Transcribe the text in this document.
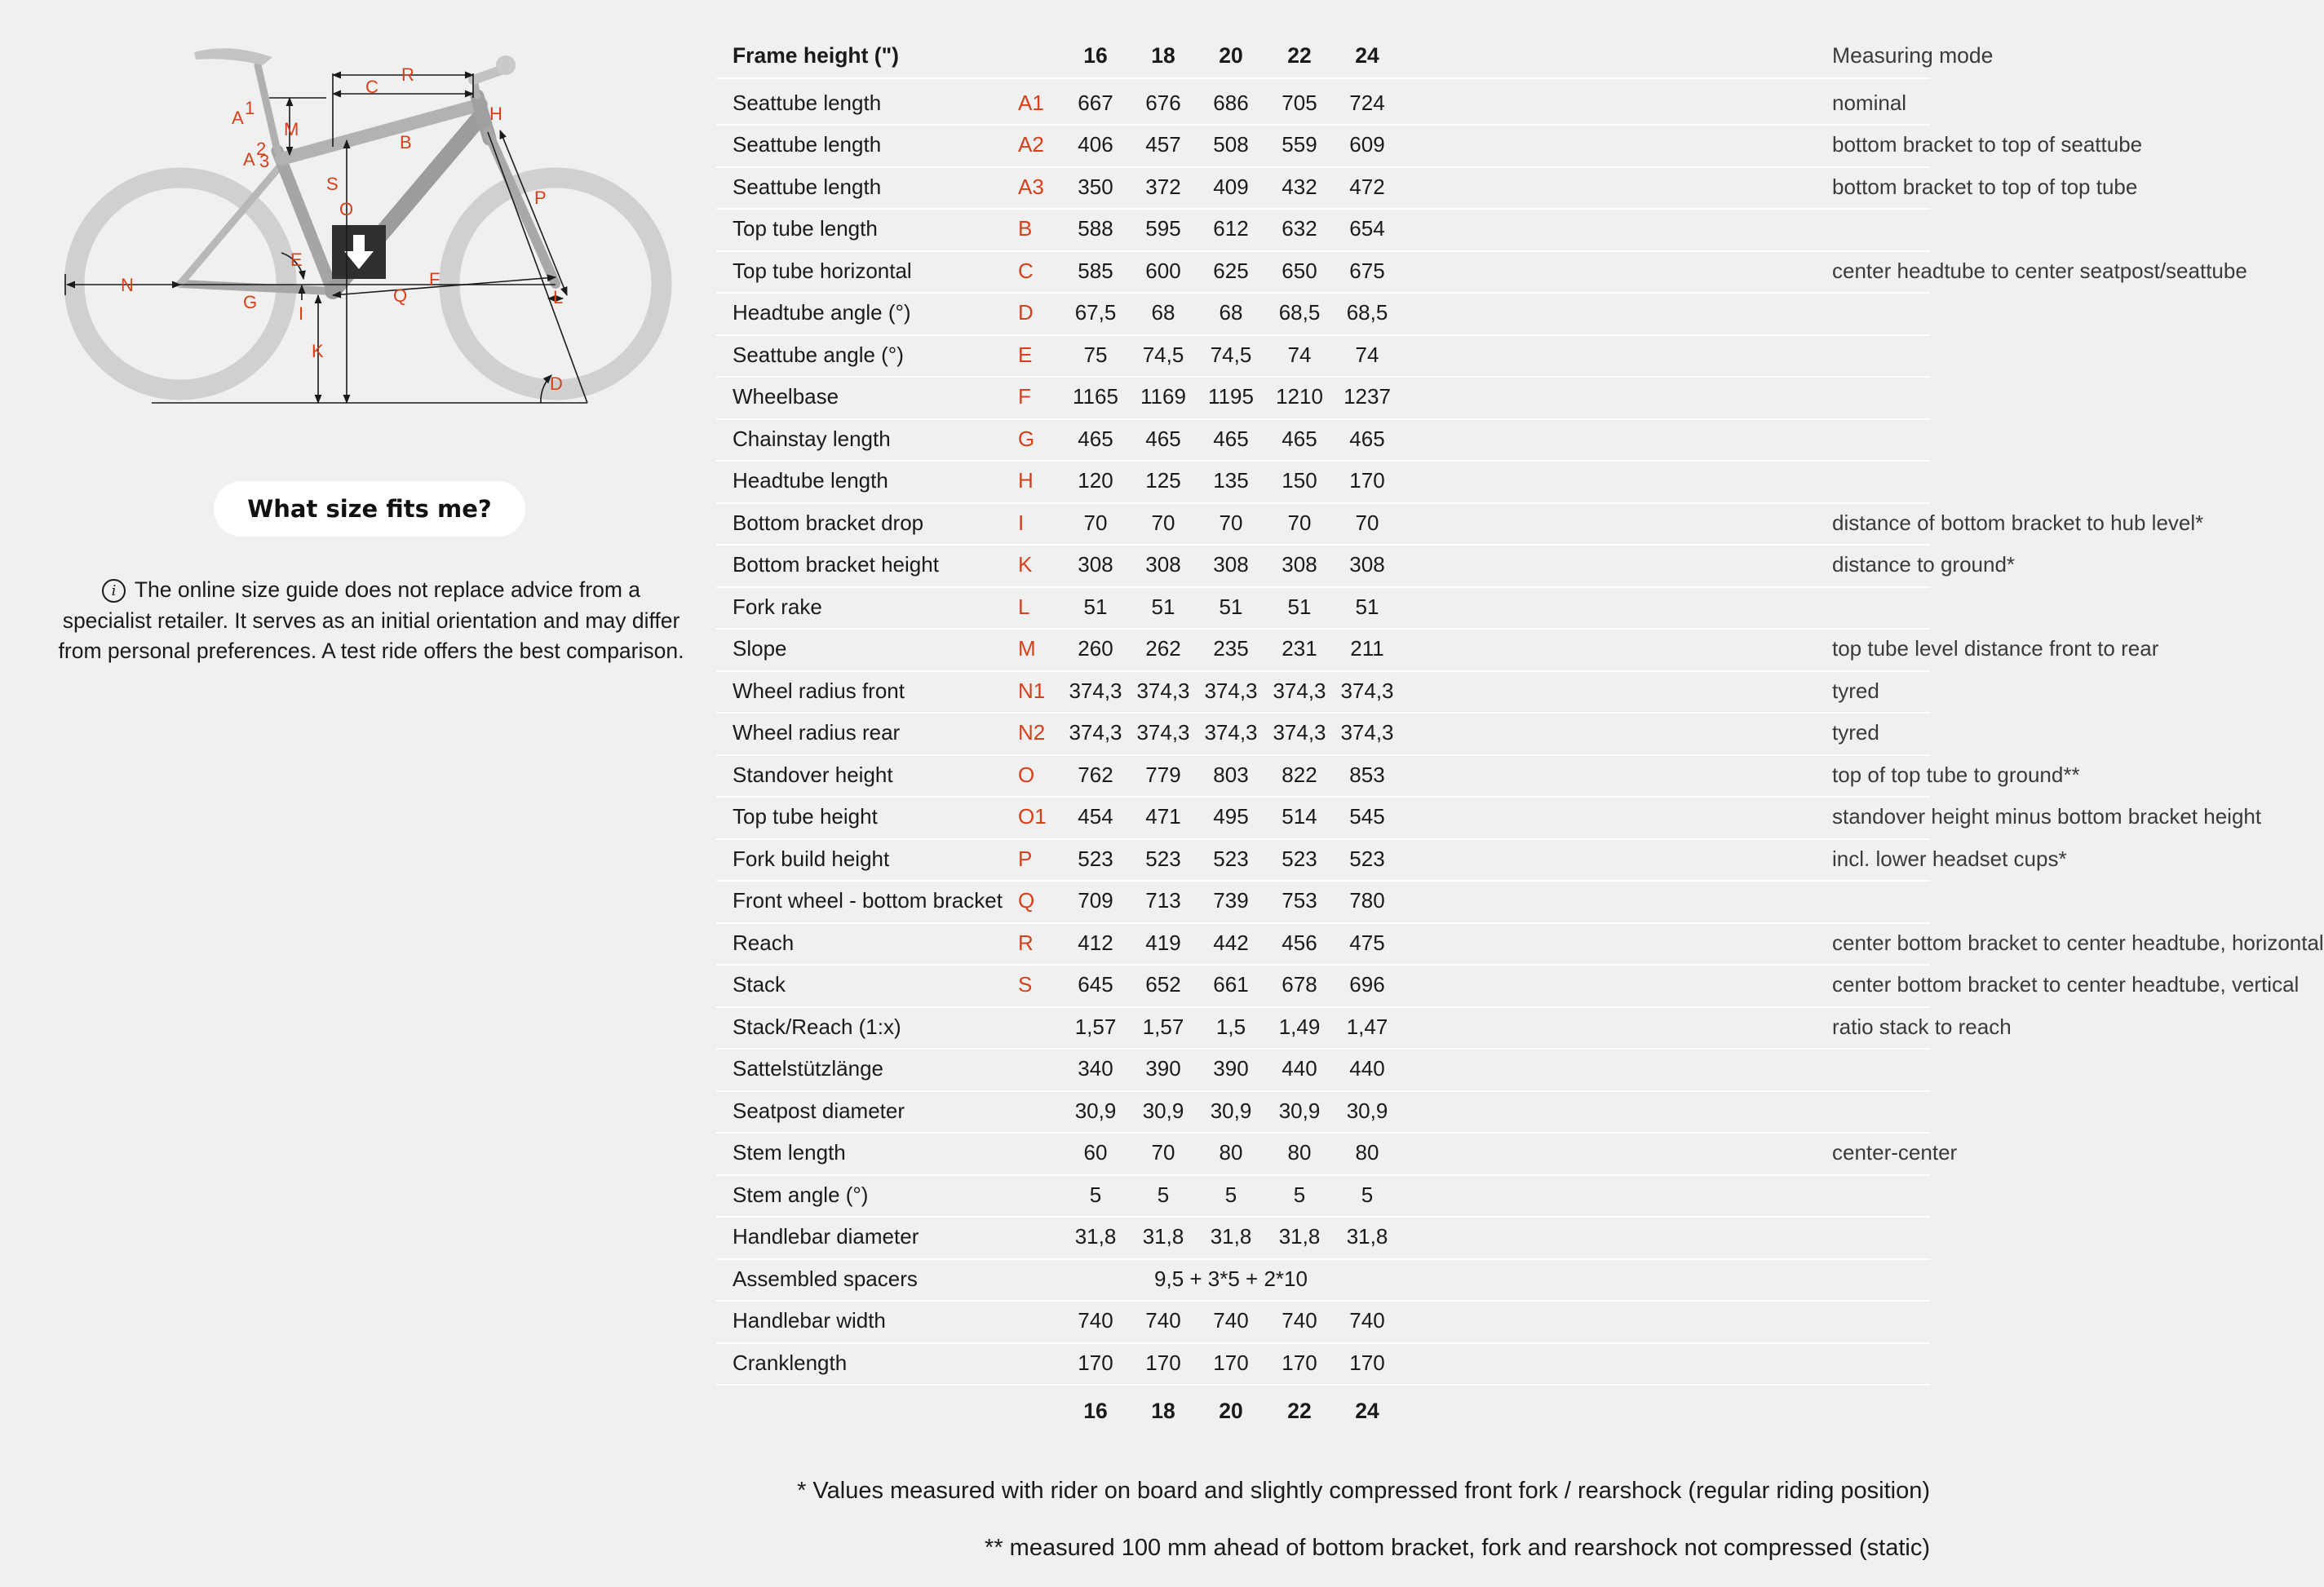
R
C
A 1
M
H
B
2
A 3
S
O
P
E
F
N
Q
G	L
I
K
D
What size fits me?
i The online size guide does not replace advice from a specialist retailer. It serves as an initial orientation and may differ from personal preferences. A test ride offers the best comparison.
Frame height (")	16	18	20	22	24	Measuring mode
Seattube length	A1	667	676	686	705	724	nominal
Seattube length	A2	406	457	508	559	609	bottom bracket to top of seattube
Seattube length	A3	350	372	409	432	472	bottom bracket to top of top tube
Top tube length	B	588	595	612	632	654
Top tube horizontal	C	585	600	625	650	675	center headtube to center seatpost/seattube
Headtube angle (°)	D	67,5	68	68	68,5	68,5
Seattube angle (°)	E	75	74,5	74,5	74	74
Wheelbase	F 1165 1169 1195 1210 1237
Chainstay length	G	465	465	465	465	465
Headtube length	H	120	125	135	150	170
Bottom bracket drop	I	70	70	70	70	70	distance of bottom bracket to hub level*
Bottom bracket height	K	308	308	308	308	308	distance to ground*
Fork rake	L	51	51	51	51	51
Slope	M	260	262	235	231	211	top tube level distance front to rear
Wheel radius front	N1 374,3 374,3 374,3 374,3 374,3	tyred
Wheel radius rear	N2 374,3 374,3 374,3 374,3 374,3	tyred
Standover height	O	762	779	803	822	853	top of top tube to ground**
Top tube height	O1	454	471	495	514	545	standover height minus bottom bracket height
Fork build height	P	523	523	523	523	523	incl. lower headset cups*
Front wheel - bottom bracket Q	709	713	739	753	780
Reach	R	412	419	442	456	475	center bottom bracket to center headtube, horizontal
Stack	S	645	652	661	678	696	center bottom bracket to center headtube, vertical
Stack/Reach (1:x)	1,57	1,57	1,5	1,49	1,47	ratio stack to reach
Sattelstützlänge	340	390	390	440	440
Seatpost diameter	30,9	30,9	30,9	30,9	30,9
Stem length	60	70	80	80	80	center-center
Stem angle (°)	5	5	5	5	5
Handlebar diameter	31,8	31,8	31,8	31,8	31,8
Assembled spacers	9,5 + 3*5 + 2*10
Handlebar width	740	740	740	740	740
Cranklength	170	170	170	170	170
16	18	20	22	24
* Values measured with rider on board and slightly compressed front fork / rearshock (regular riding position)
** measured 100 mm ahead of bottom bracket, fork and rearshock not compressed (static)
